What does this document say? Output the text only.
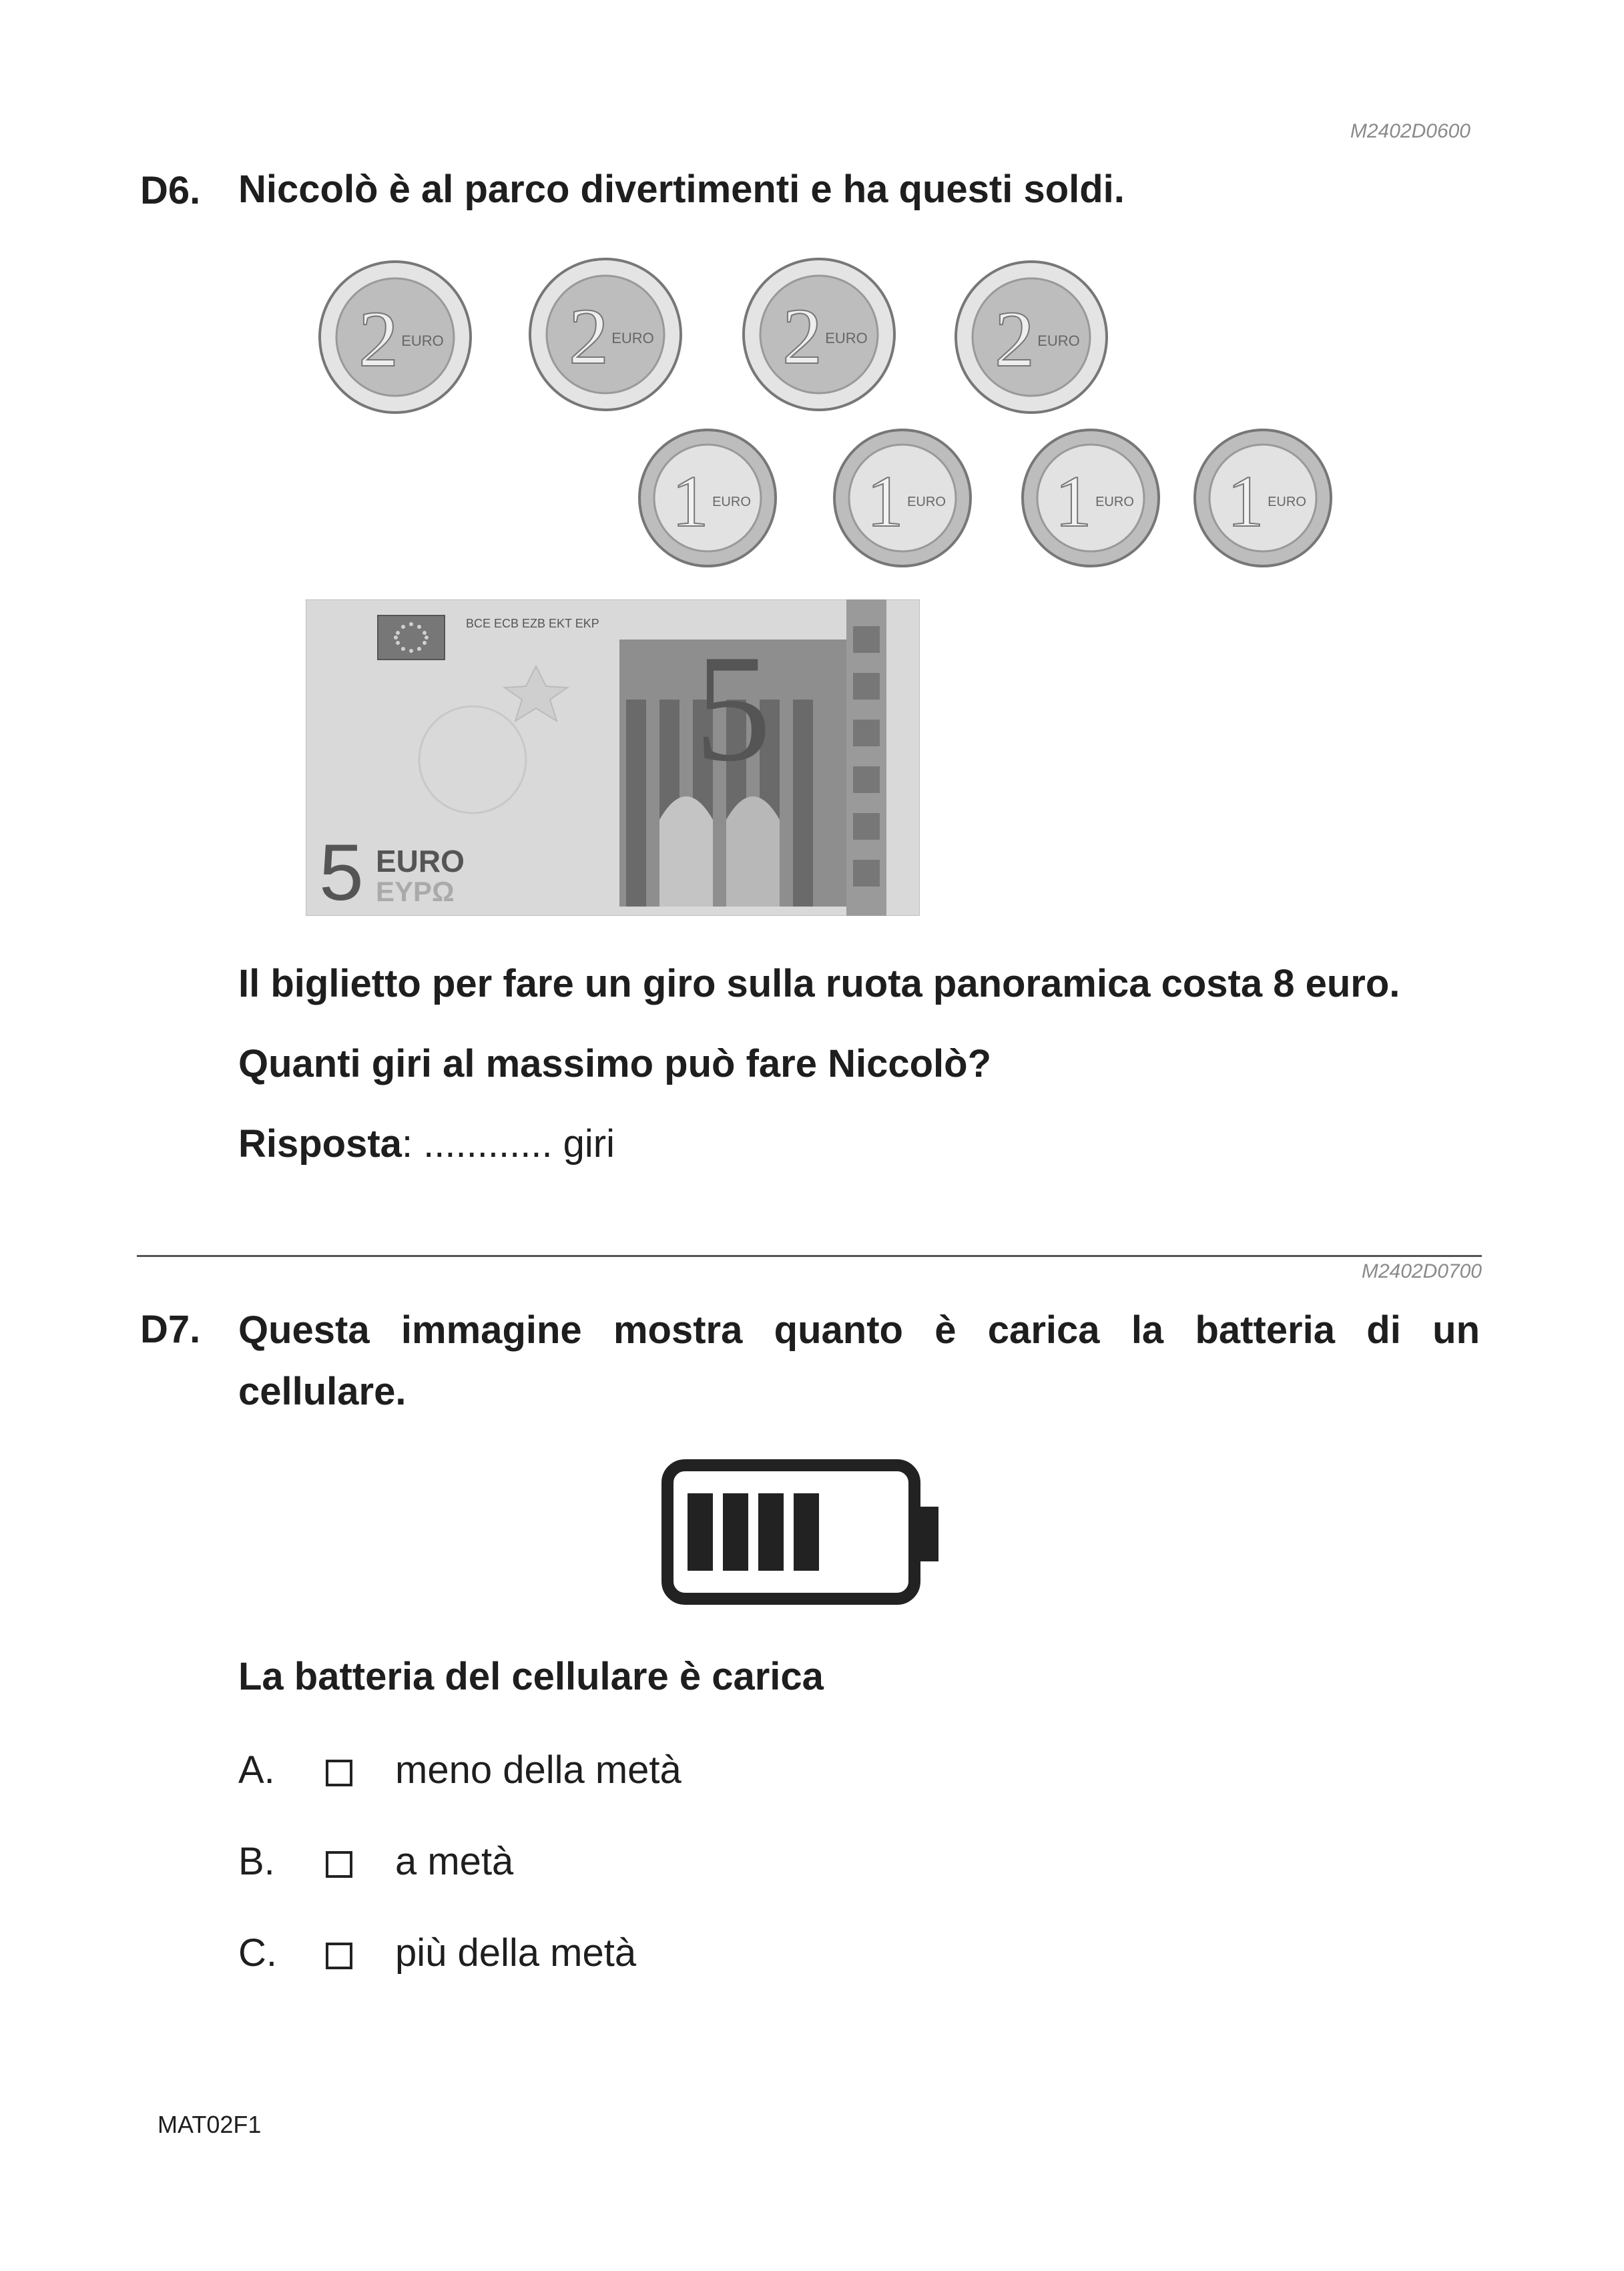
M2402D0600
D6. Niccolò è al parco divertimenti e ha questi soldi.
2 EURO 2 EURO 2 EURO 2 EURO
1 EURO 1 EURO 1 EURO 1 EURO
BCE ECB EZB EKT EKP 5
5 EURO
ΕΥΡΩ
Il biglietto per fare un giro sulla ruota panoramica costa 8 euro.
Quanti giri al massimo può fare Niccolò?
Risposta: ............ giri
M2402D0700
D7. Questa immagine mostra quanto è carica la batteria di un
cellulare.
La batteria del cellulare è carica
A.	meno della metà
B.	a metà
C.	più della metà
MAT02F1
